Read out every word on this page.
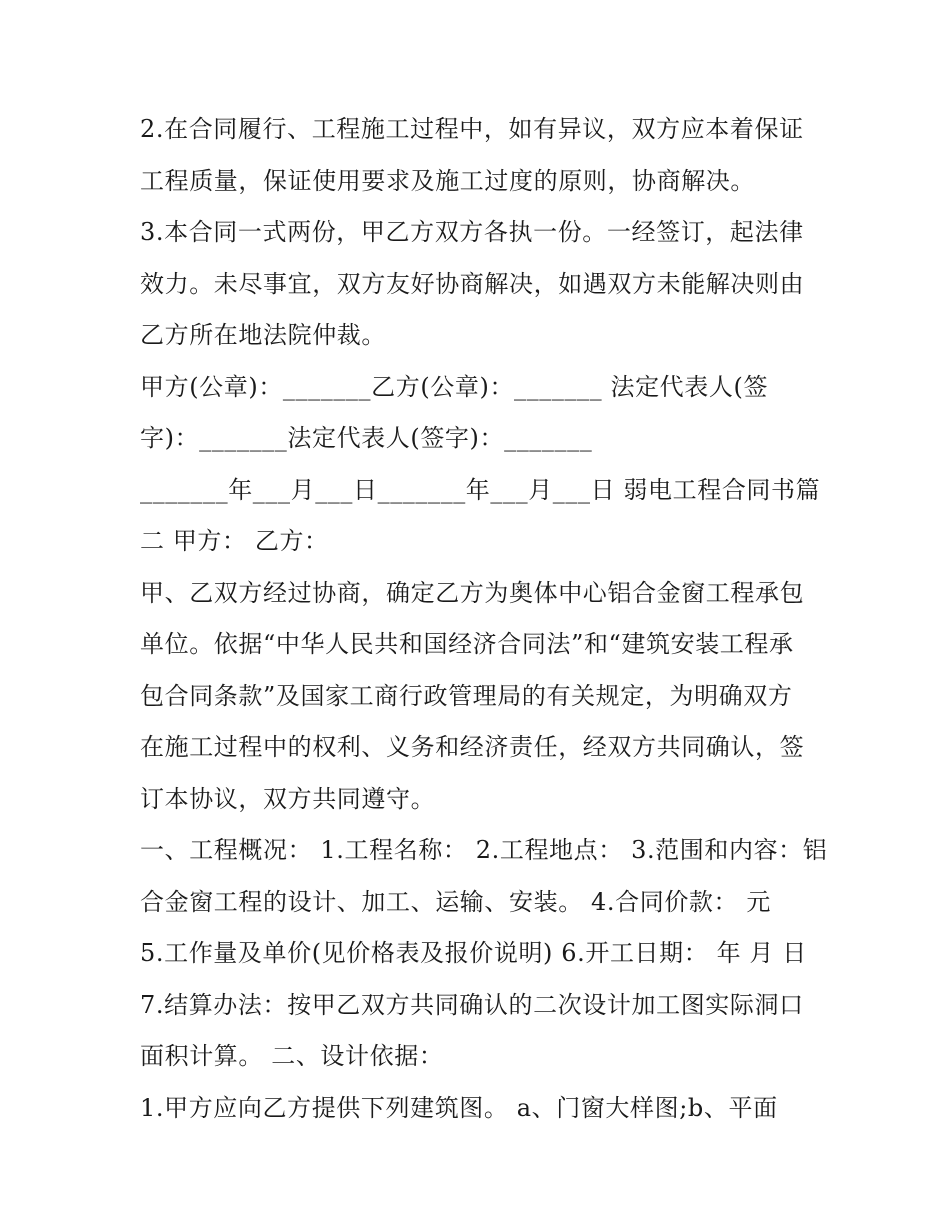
2.在合同履行、工程施工过程中，如有异议，双方应本着保证
工程质量，保证使用要求及施工过度的原则，协商解决。
3.本合同一式两份，甲乙方双方各执一份。一经签订，起法律
效力。未尽事宜，双方友好协商解决，如遇双方未能解决则由
乙方所在地法院仲裁。
甲方(公章)：_______乙方(公章)：_______ 法定代表人(签
字)：_______法定代表人(签字)：_______
_______年___月___日_______年___月___日 弱电工程合同书篇
二 甲方： 乙方：
甲、乙双方经过协商，确定乙方为奥体中心铝合金窗工程承包
单位。依据“中华人民共和国经济合同法”和“建筑安装工程承
包合同条款”及国家工商行政管理局的有关规定，为明确双方
在施工过程中的权利、义务和经济责任，经双方共同确认，签
订本协议，双方共同遵守。
一、工程概况： 1.工程名称： 2.工程地点： 3.范围和内容：铝
合金窗工程的设计、加工、运输、安装。 4.合同价款： 元
5.工作量及单价(见价格表及报价说明) 6.开工日期： 年 月 日
7.结算办法：按甲乙双方共同确认的二次设计加工图实际洞口
面积计算。 二、设计依据：
1.甲方应向乙方提供下列建筑图。 a、门窗大样图;b、平面
